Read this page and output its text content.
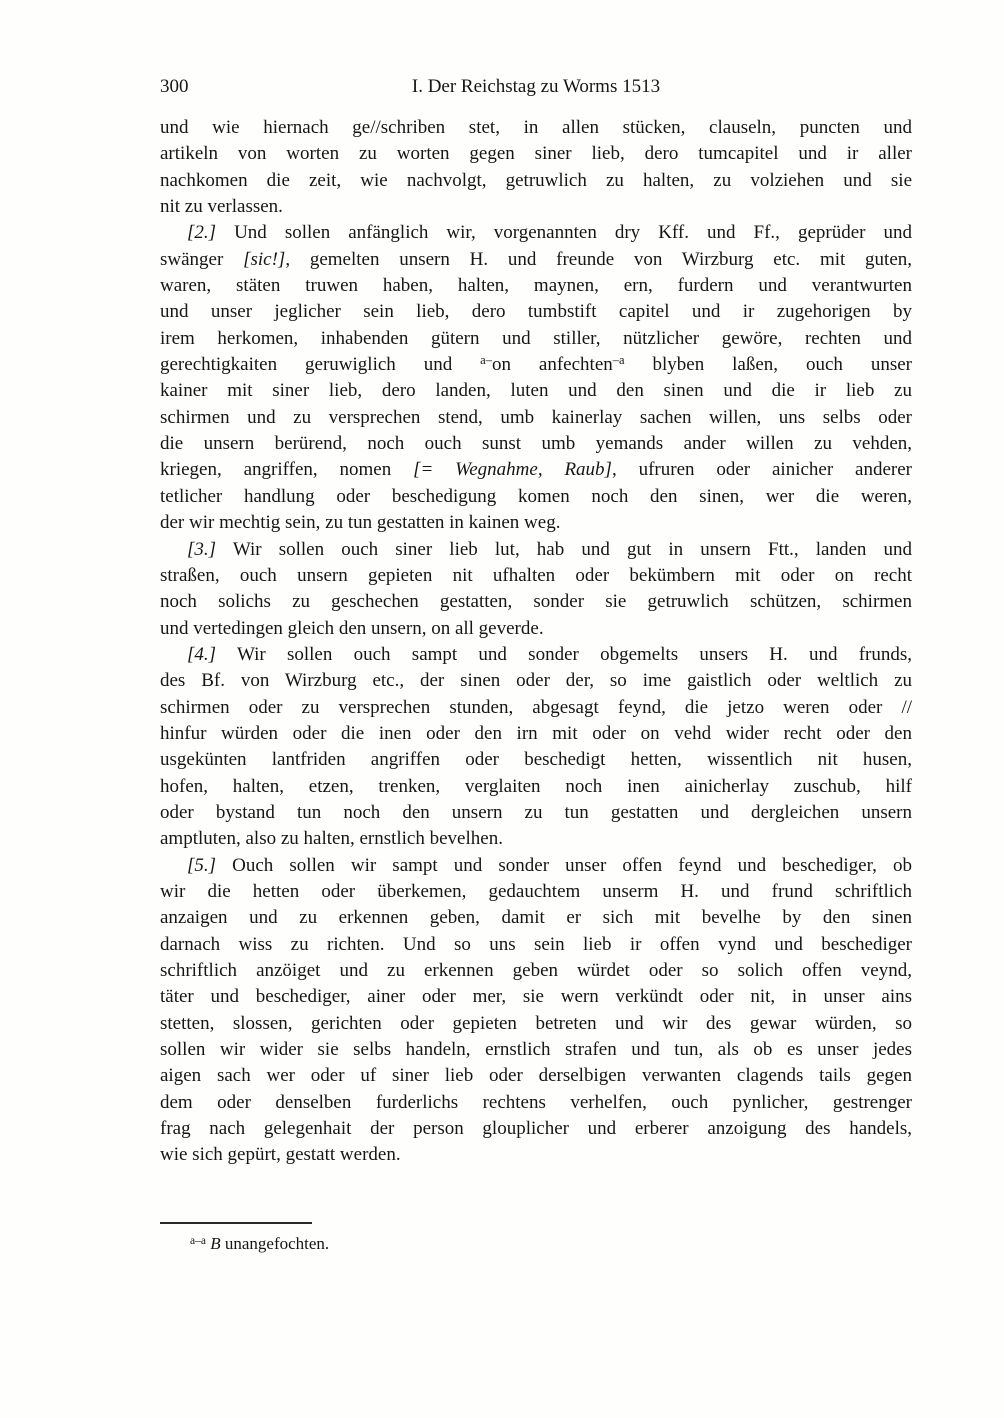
300	I. Der Reichstag zu Worms 1513
und wie hiernach ge//schriben stet, in allen stücken, clauseln, puncten und
artikeln von worten zu worten gegen siner lieb, dero tumcapitel und ir aller
nachkomen die zeit, wie nachvolgt, getruwlich zu halten, zu volziehen und sie
nit zu verlassen.
[2.] Und sollen anfänglich wir, vorgenannten dry Kff. und Ff., geprüder und
swänger [sic!], gemelten unsern H. und freunde von Wirzburg etc. mit guten,
waren, stäten truwen haben, halten, maynen, ern, furdern und verantwurten
und unser jeglicher sein lieb, dero tumbstift capitel und ir zugehorigen by
irem herkomen, inhabenden gütern und stiller, nützlicher gewöre, rechten und
gerechtigkaiten geruwiglich und $^{a-}$on anfechten$^{-a}$ blyben laßen, ouch unser
kainer mit siner lieb, dero landen, luten und den sinen und die ir lieb zu
schirmen und zu versprechen stend, umb kainerlay sachen willen, uns selbs oder
die unsern berürend, noch ouch sunst umb yemands ander willen zu vehden,
kriegen, angriffen, nomen [= Wegnahme, Raub], ufruren oder ainicher anderer
tetlicher handlung oder beschedigung komen noch den sinen, wer die weren,
der wir mechtig sein, zu tun gestatten in kainen weg.
[3.] Wir sollen ouch siner lieb lut, hab und gut in unsern Ftt., landen und
straßen, ouch unsern gepieten nit ufhalten oder bekümbern mit oder on recht
noch solichs zu geschechen gestatten, sonder sie getruwlich schützen, schirmen
und vertedingen gleich den unsern, on all geverde.
[4.] Wir sollen ouch sampt und sonder obgemelts unsers H. und frunds,
des Bf. von Wirzburg etc., der sinen oder der, so ime gaistlich oder weltlich zu
schirmen oder zu versprechen stunden, abgesagt feynd, die jetzo weren oder //
hinfur würden oder die inen oder den irn mit oder on vehd wider recht oder den
usgekünten lantfriden angriffen oder beschedigt hetten, wissentlich nit husen,
hofen, halten, etzen, trenken, verglaiten noch inen ainicherlay zuschub, hilf
oder bystand tun noch den unsern zu tun gestatten und dergleichen unsern
amptluten, also zu halten, ernstlich bevelhen.
[5.] Ouch sollen wir sampt und sonder unser offen feynd und beschediger, ob
wir die hetten oder überkemen, gedauchtem unserm H. und frund schriftlich
anzaigen und zu erkennen geben, damit er sich mit bevelhe by den sinen
darnach wiss zu richten. Und so uns sein lieb ir offen vynd und beschediger
schriftlich anzöiget und zu erkennen geben würdet oder so solich offen veynd,
täter und beschediger, ainer oder mer, sie wern verkündt oder nit, in unser ains
stetten, slossen, gerichten oder gepieten betreten und wir des gewar würden, so
sollen wir wider sie selbs handeln, ernstlich strafen und tun, als ob es unser jedes
aigen sach wer oder uf siner lieb oder derselbigen verwanten clagends tails gegen
dem oder denselben furderlichs rechtens verhelfen, ouch pynlicher, gestrenger
frag nach gelegenhait der person glouplicher und erberer anzoigung des handels,
wie sich gepürt, gestatt werden.
$^{a-a}$ B unangefochten.
